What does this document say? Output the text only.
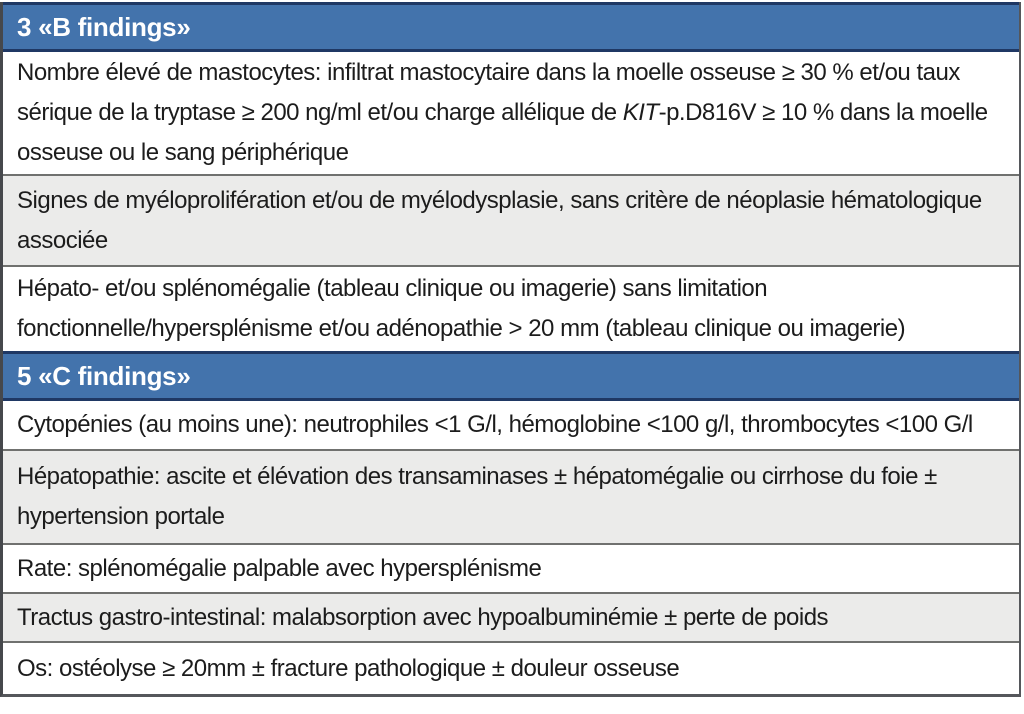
3 «B findings»

Nombre élevé de mastocytes: infiltrat mastocytaire dans la moelle osseuse ≥ 30 % et/ou taux sérique de la tryptase ≥ 200 ng/ml et/ou charge allélique de KIT-p.D816V ≥ 10 % dans la moelle osseuse ou le sang périphérique

Signes de myéloprolifération et/ou de myélodysplasie, sans critère de néoplasie hématologique associée

Hépato- et/ou splénomégalie (tableau clinique ou imagerie) sans limitation fonctionnelle/hypersplénisme et/ou adénopathie > 20 mm (tableau clinique ou imagerie)

5 «C findings»

Cytopénies (au moins une): neutrophiles <1 G/l, hémoglobine <100 g/l, thrombocytes <100 G/l

Hépatopathie: ascite et élévation des transaminases ± hépatomégalie ou cirrhose du foie ± hypertension portale

Rate: splénomégalie palpable avec hypersplénisme

Tractus gastro-intestinal: malabsorption avec hypoalbuminémie ± perte de poids

Os: ostéolyse ≥ 20mm ± fracture pathologique ± douleur osseuse
